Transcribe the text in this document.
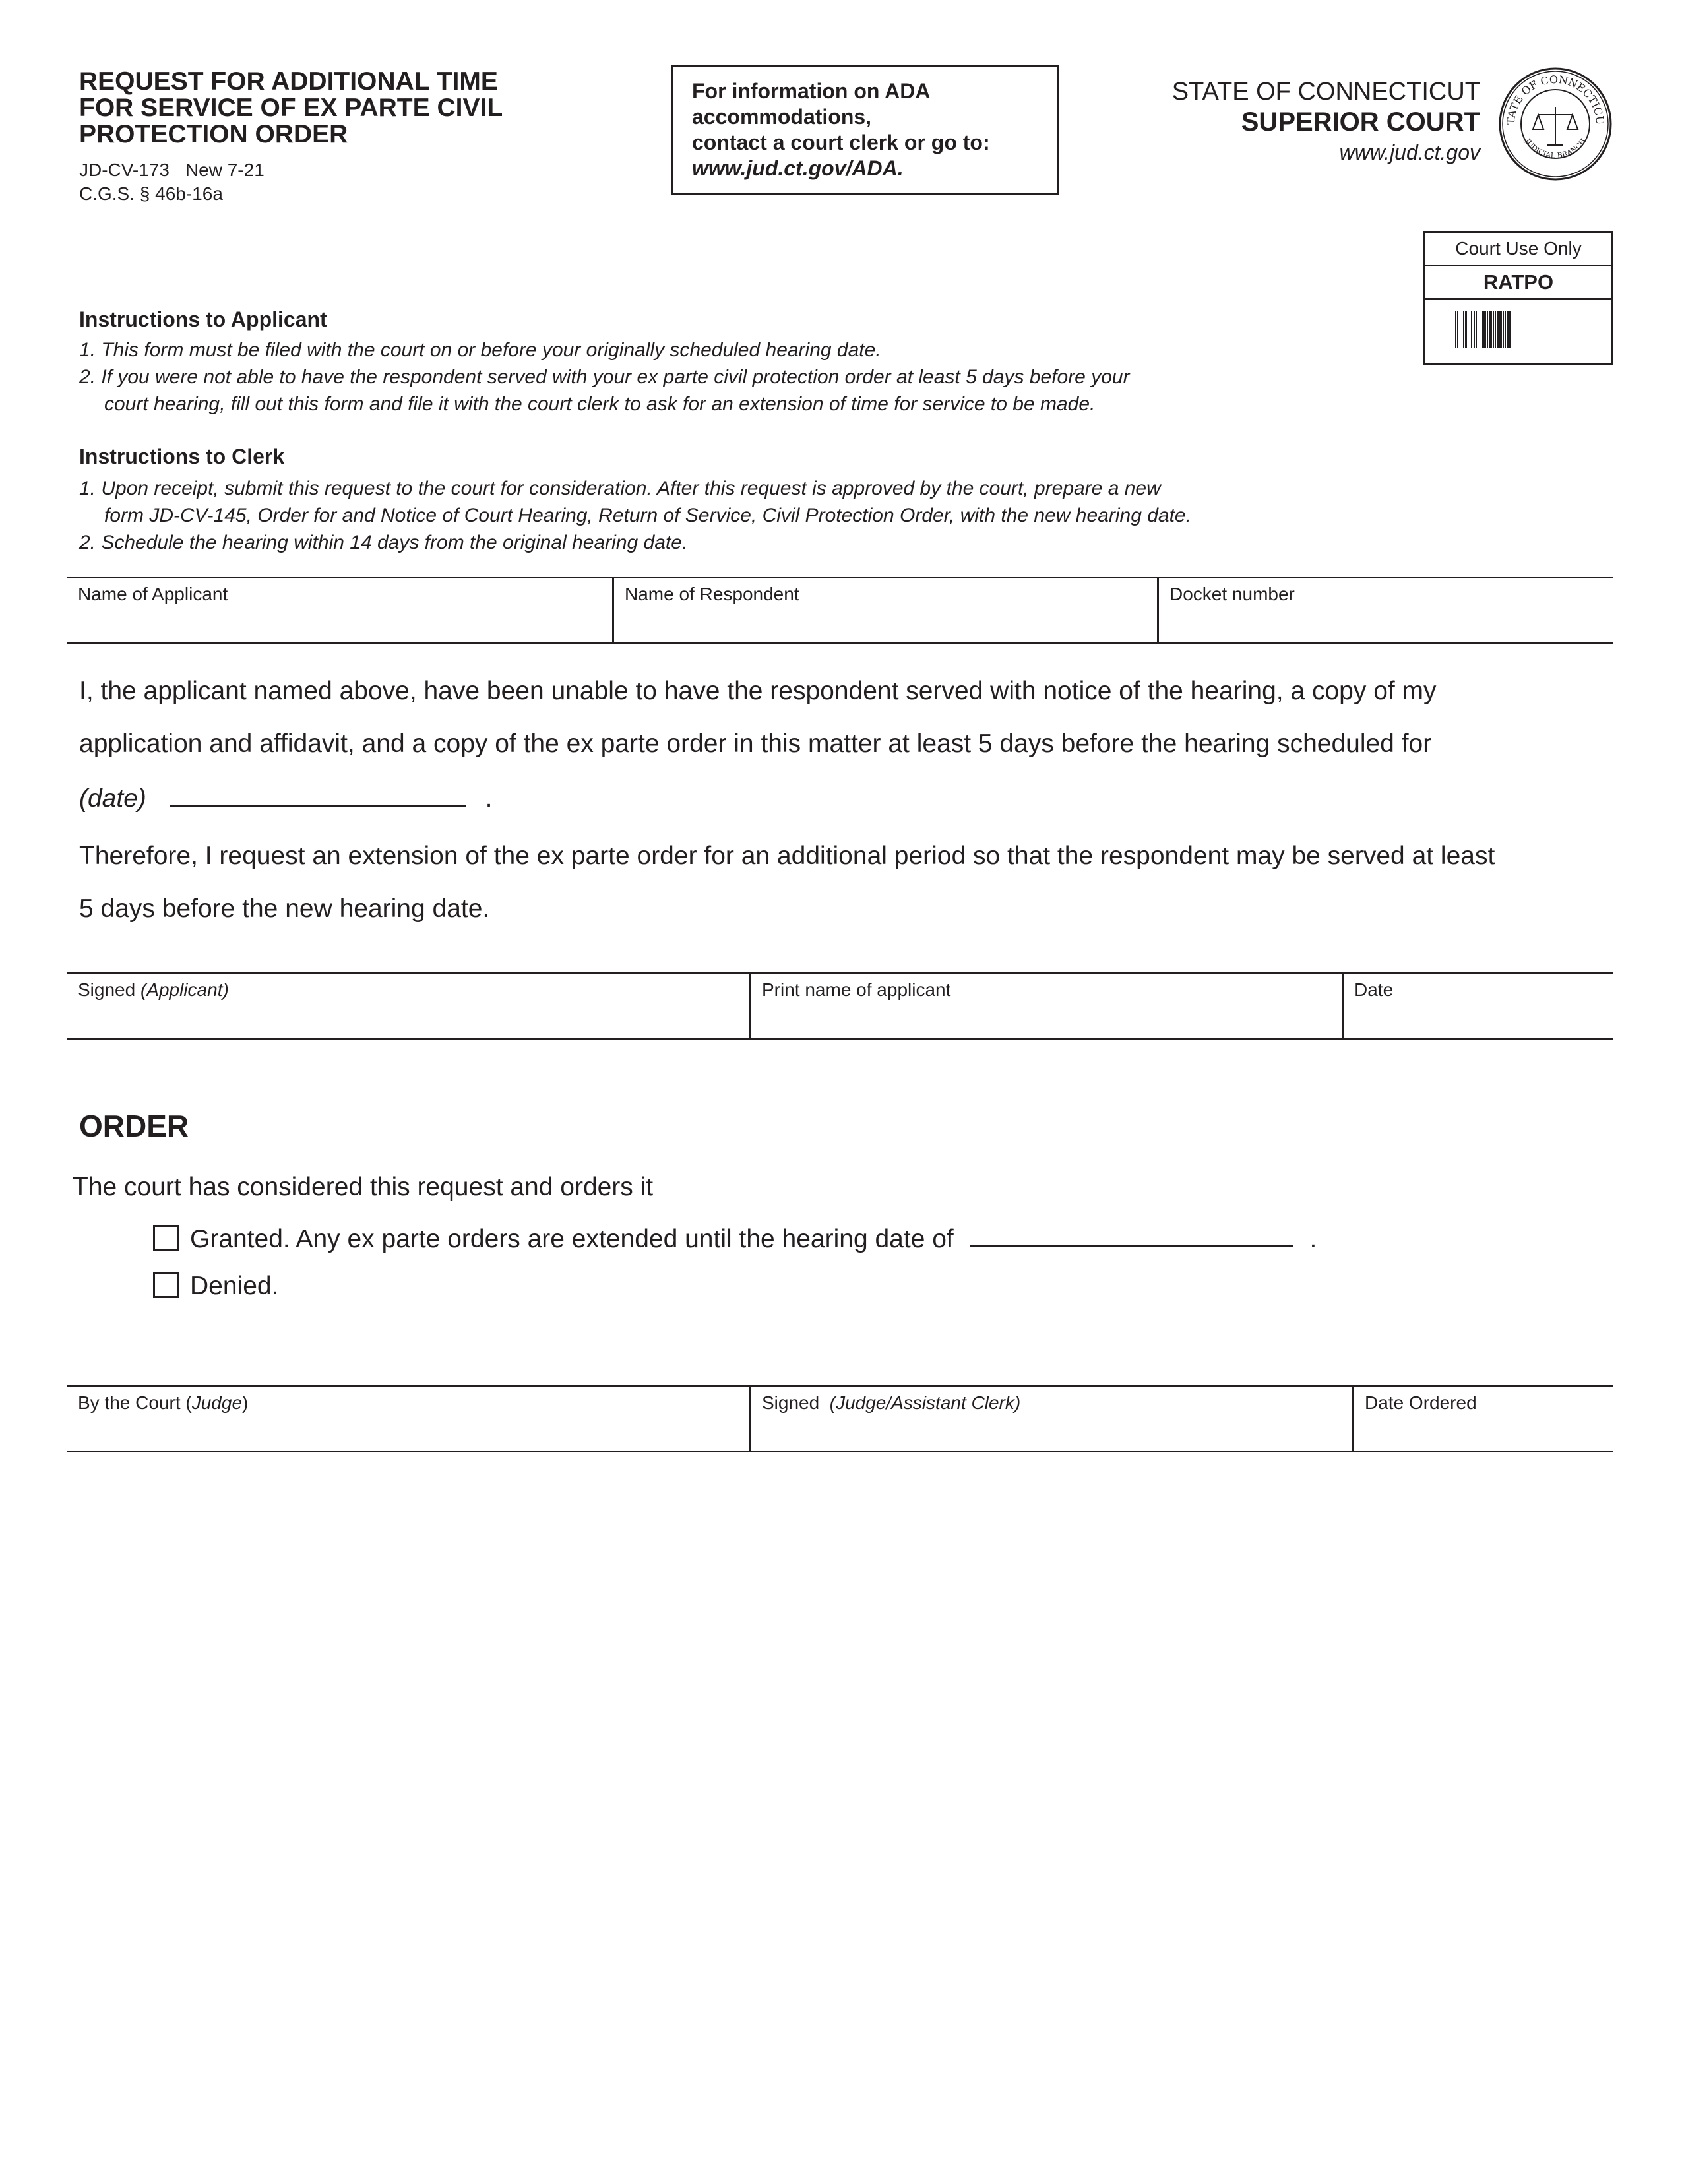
REQUEST FOR ADDITIONAL TIME
FOR SERVICE OF EX PARTE CIVIL
PROTECTION ORDER
JD-CV-173 New 7-21
C.G.S. § 46b-16a
For information on ADA
accommodations,
contact a court clerk or go to:
www.jud.ct.gov/ADA.
STATE OF CONNECTICUT
SUPERIOR COURT
www.jud.ct.gov
TATE OF CONNECTICU
JUDICIAL BRANCH
Court Use Only
RATPO
Instructions to Applicant
1. This form must be filed with the court on or before your originally scheduled hearing date.
2. If you were not able to have the respondent served with your ex parte civil protection order at least 5 days before your
court hearing, fill out this form and file it with the court clerk to ask for an extension of time for service to be made.
Instructions to Clerk
1. Upon receipt, submit this request to the court for consideration. After this request is approved by the court, prepare a new
form JD-CV-145, Order for and Notice of Court Hearing, Return of Service, Civil Protection Order, with the new hearing date.
2. Schedule the hearing within 14 days from the original hearing date.
Name of Applicant	Name of Respondent	Docket number
I, the applicant named above, have been unable to have the respondent served with notice of the hearing, a copy of my
application and affidavit, and a copy of the ex parte order in this matter at least 5 days before the hearing scheduled for
(date)	.
Therefore, I request an extension of the ex parte order for an additional period so that the respondent may be served at least
5 days before the new hearing date.
Signed (Applicant)	Print name of applicant	Date
ORDER
The court has considered this request and orders it
Granted. Any ex parte orders are extended until the hearing date of	.
Denied.
By the Court (Judge)	Signed (Judge/Assistant Clerk)	Date Ordered
